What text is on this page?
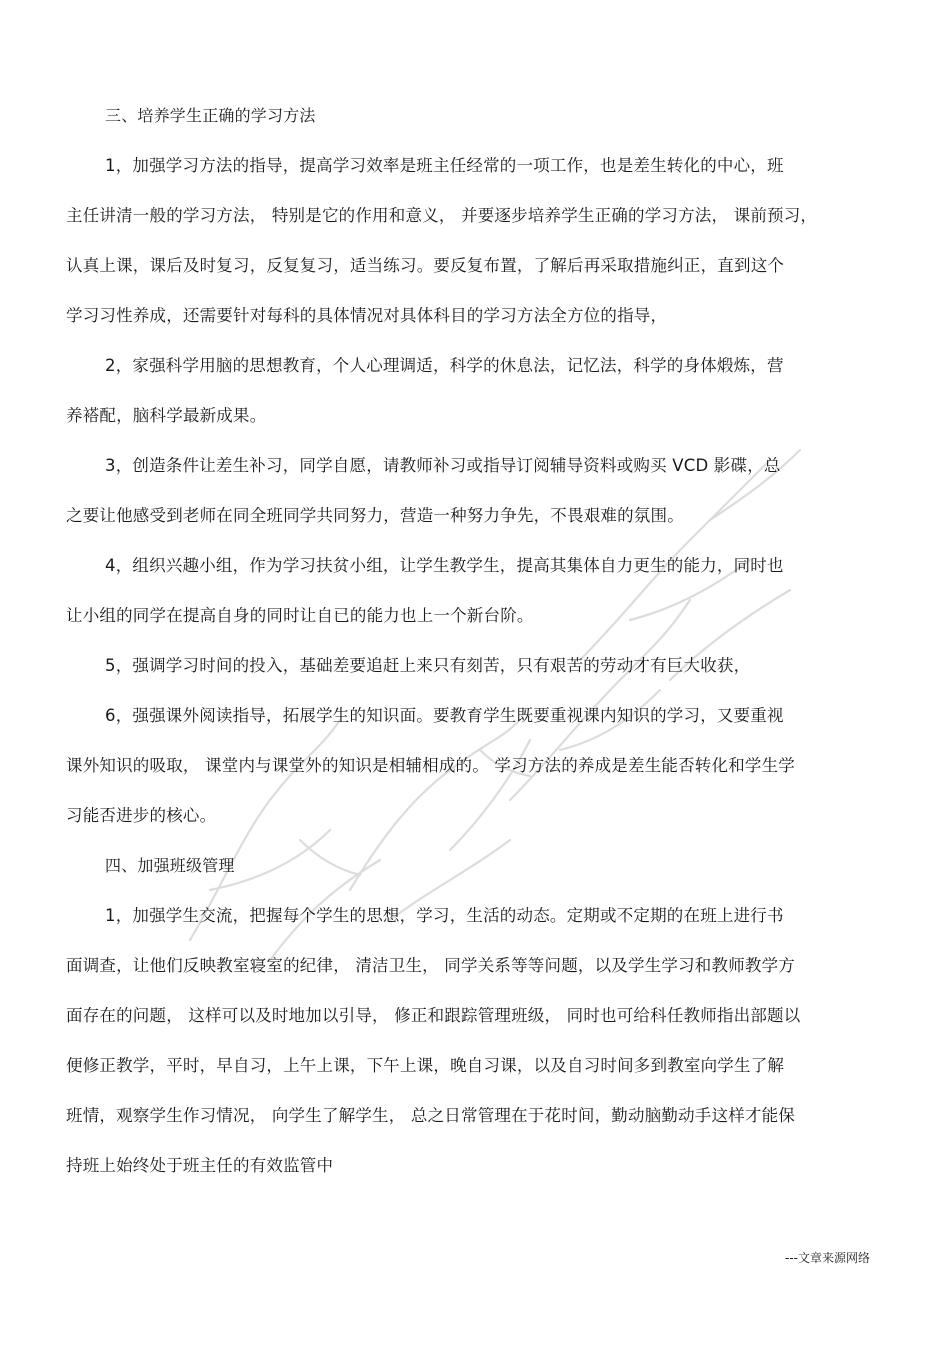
三、培养学生正确的学习方法
1，加强学习方法的指导，提高学习效率是班主任经常的一项工作，也是差生转化的中心，班
主任讲清一般的学习方法， 特别是它的作用和意义， 并要逐步培养学生正确的学习方法， 课前预习，
认真上课，课后及时复习，反复复习，适当练习。要反复布置，了解后再采取措施纠正，直到这个
学习习性养成，还需要针对每科的具体情况对具体科目的学习方法全方位的指导，
2，家强科学用脑的思想教育，个人心理调适，科学的休息法，记忆法，科学的身体煅炼，营
养褡配，脑科学最新成果。
3，创造条件让差生补习，同学自愿，请教师补习或指导订阅辅导资料或购买 VCD 影碟，总
之要让他感受到老师在同全班同学共同努力，营造一种努力争先，不畏艰难的氛围。
4，组织兴趣小组，作为学习扶贫小组，让学生教学生，提高其集体自力更生的能力，同时也
让小组的同学在提高自身的同时让自已的能力也上一个新台阶。
5，强调学习时间的投入，基础差要追赶上来只有刻苦，只有艰苦的劳动才有巨大收获，
6，强强课外阅读指导，拓展学生的知识面。要教育学生既要重视课内知识的学习，又要重视
课外知识的吸取， 课堂内与课堂外的知识是相辅相成的。 学习方法的养成是差生能否转化和学生学
习能否进步的核心。
四、加强班级管理
1，加强学生交流，把握每个学生的思想，学习，生活的动态。定期或不定期的在班上进行书
面调查，让他们反映教室寝室的纪律， 清洁卫生， 同学关系等等问题，以及学生学习和教师教学方
面存在的问题， 这样可以及时地加以引导， 修正和跟踪管理班级， 同时也可给科任教师指出部题以
便修正教学，平时，早自习，上午上课，下午上课，晚自习课，以及自习时间多到教室向学生了解
班情，观察学生作习情况， 向学生了解学生， 总之日常管理在于花时间，勤动脑勤动手这样才能保
持班上始终处于班主任的有效监管中
---文章来源网络
